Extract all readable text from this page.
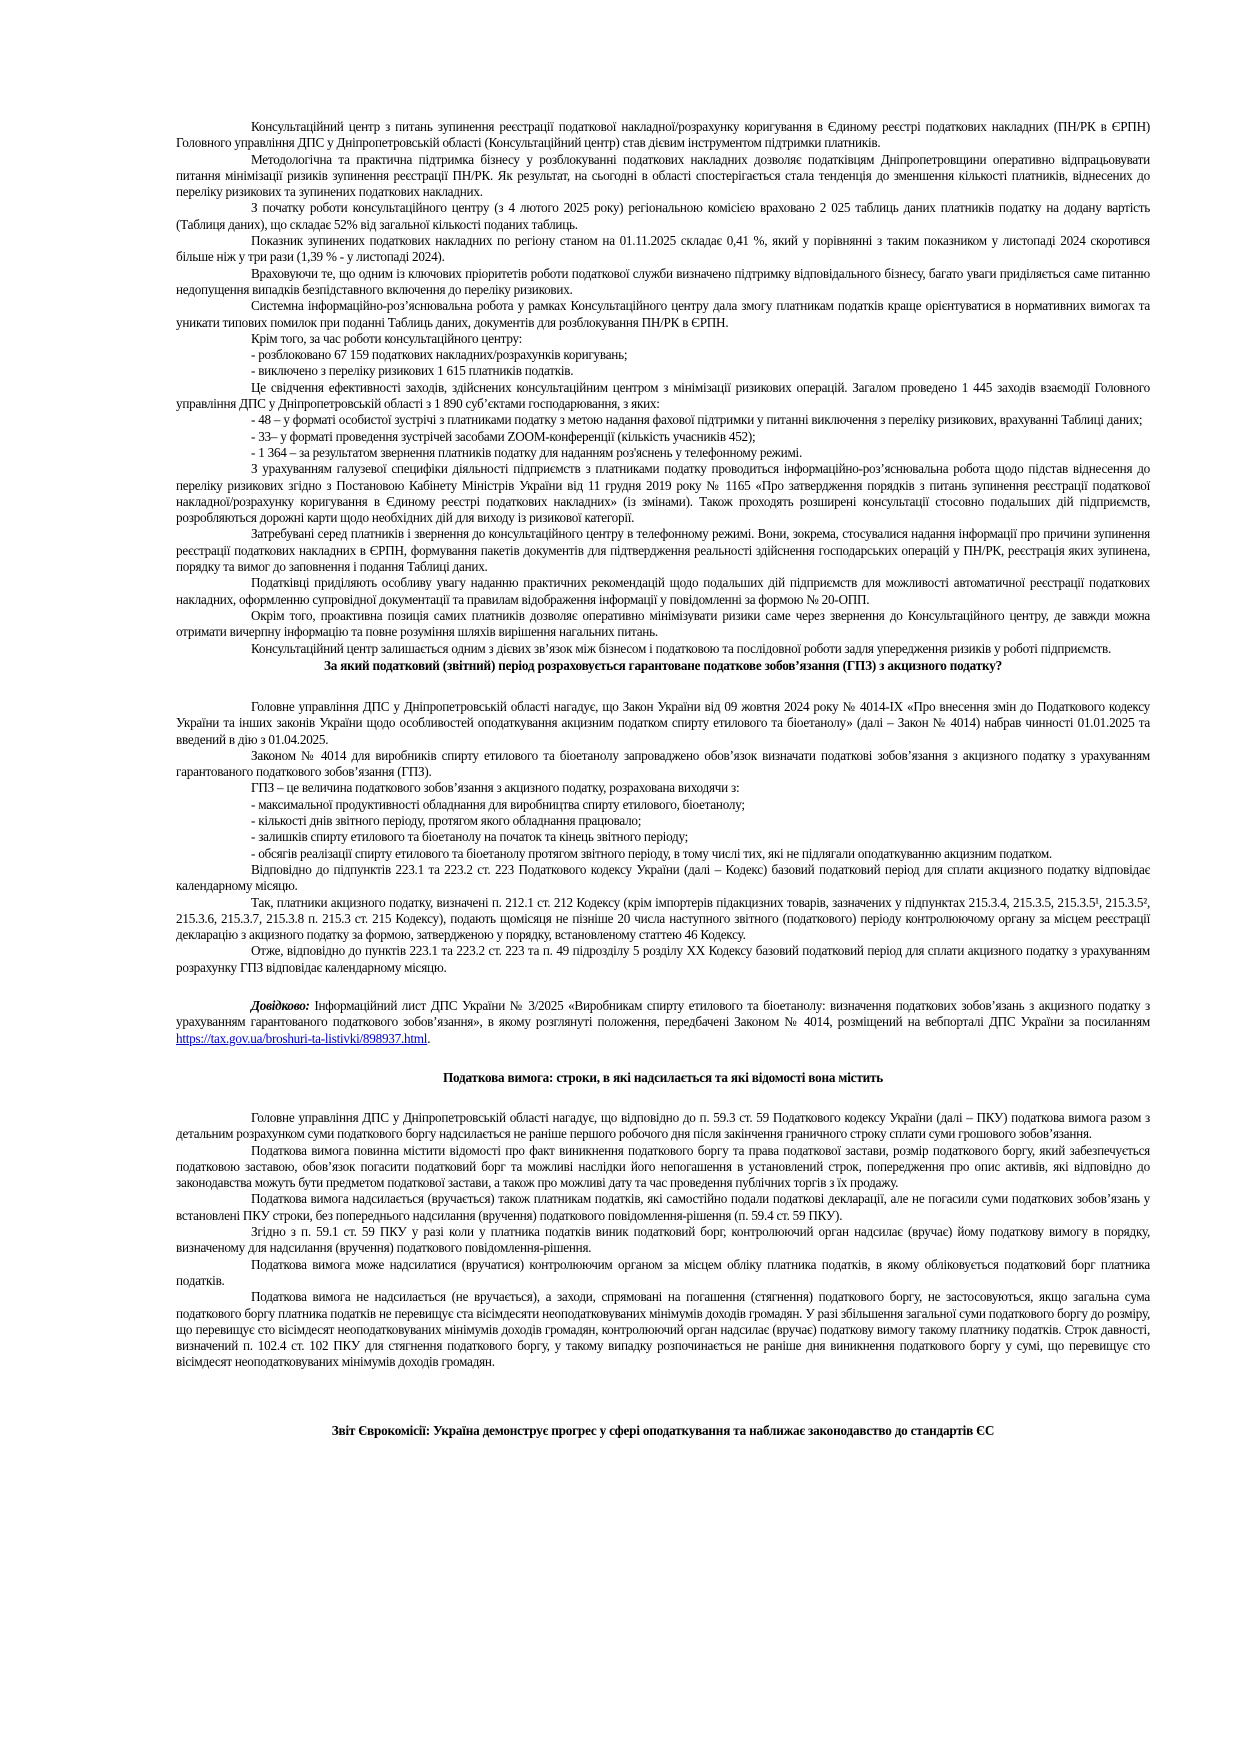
Консультаційний центр з питань зупинення реєстрації податкової накладної/розрахунку коригування в Єдиному реєстрі податкових накладних (ПН/РК в ЄРПН) Головного управління ДПС у Дніпропетровській області (Консультаційний центр) став дієвим інструментом підтримки платників.

Методологічна та практична підтримка бізнесу у розблокуванні податкових накладних дозволяє податківцям Дніпропетровщини оперативно відпрацьовувати питання мінімізації ризиків зупинення реєстрації ПН/РК. Як результат, на сьогодні в області спостерігається стала тенденція до зменшення кількості платників, віднесених до переліку ризикових та зупинених податкових накладних.

З початку роботи консультаційного центру (з 4 лютого 2025 року) регіональною комісією враховано 2 025 таблиць даних платників податку на додану вартість (Таблиця даних), що складає 52% від загальної кількості поданих таблиць.

Показник зупинених податкових накладних по регіону станом на 01.11.2025 складає 0,41 %, який у порівнянні з таким показником у листопаді 2024 скоротився більше ніж у три рази (1,39 % - у листопаді 2024).

Враховуючи те, що одним із ключових пріоритетів роботи податкової служби визначено підтримку відповідального бізнесу, багато уваги приділяється саме питанню недопущення випадків безпідставного включення до переліку ризикових.

Системна інформаційно-роз’яснювальна робота у рамках Консультаційного центру дала змогу платникам податків краще орієнтуватися в нормативних вимогах та уникати типових помилок при поданні Таблиць даних, документів для розблокування ПН/РК в ЄРПН.

Крім того, за час роботи консультаційного центру:

- розблоковано 67 159 податкових накладних/розрахунків коригувань;

- виключено з переліку ризикових 1 615 платників податків.

Це свідчення ефективності заходів, здійснених консультаційним центром з мінімізації ризикових операцій. Загалом проведено 1 445 заходів взаємодії Головного управління ДПС у Дніпропетровській області з 1 890 суб’єктами господарювання, з яких:

- 48 – у форматі особистої зустрічі з платниками податку з метою надання фахової підтримки у питанні виключення з переліку ризикових, врахуванні Таблиці даних;

- 33– у форматі проведення зустрічей засобами ZOOM-конференції (кількість учасників 452);

- 1 364 – за результатом звернення платників податку для наданням роз'яснень у телефонному режимі.

З урахуванням галузевої специфіки діяльності підприємств з платниками податку проводиться інформаційно-роз’яснювальна робота щодо підстав віднесення до переліку ризикових згідно з Постановою Кабінету Міністрів України від 11 грудня 2019 року № 1165 «Про затвердження порядків з питань зупинення реєстрації податкової накладної/розрахунку коригування в Єдиному реєстрі податкових накладних» (із змінами). Також проходять розширені консультації стосовно подальших дій підприємств, розробляються дорожні карти щодо необхідних дій для виходу із ризикової категорії.

Затребувані серед платників і звернення до консультаційного центру в телефонному режимі. Вони, зокрема, стосувалися надання інформації про причини зупинення реєстрації податкових накладних в ЄРПН, формування пакетів документів для підтвердження реальності здійснення господарських операцій у ПН/РК, реєстрація яких зупинена, порядку та вимог до заповнення і подання Таблиці даних.

Податківці приділяють особливу увагу наданню практичних рекомендацій щодо подальших дій підприємств для можливості автоматичної реєстрації податкових накладних, оформленню супровідної документації та правилам відображення інформації у повідомленні за формою № 20-ОПП.

Окрім того, проактивна позиція самих платників дозволяє оперативно мінімізувати ризики саме через звернення до Консультаційного центру, де завжди можна отримати вичерпну інформацію та повне розуміння шляхів вирішення нагальних питань.

Консультаційний центр залишається одним з дієвих зв’язок між бізнесом і податковою та послідовної роботи задля упередження ризиків у роботі підприємств.

За який податковий (звітний) період розраховується гарантоване податкове зобов’язання (ГПЗ) з акцизного податку?

Головне управління ДПС у Дніпропетровській області нагадує, що Закон України від 09 жовтня 2024 року № 4014-IX «Про внесення змін до Податкового кодексу України та інших законів України щодо особливостей оподаткування акцизним податком спирту етилового та біоетанолу» (далі – Закон № 4014) набрав чинності 01.01.2025 та введений в дію з 01.04.2025.

Законом № 4014 для виробників спирту етилового та біоетанолу запроваджено обов’язок визначати податкові зобов’язання з акцизного податку з урахуванням гарантованого податкового зобов’язання (ГПЗ).

ГПЗ – це величина податкового зобов’язання з акцизного податку, розрахована виходячи з:

- максимальної продуктивності обладнання для виробництва спирту етилового, біоетанолу;

- кількості днів звітного періоду, протягом якого обладнання працювало;

- залишків спирту етилового та біоетанолу на початок та кінець звітного періоду;

- обсягів реалізації спирту етилового та біоетанолу протягом звітного періоду, в тому числі тих, які не підлягали оподаткуванню акцизним податком.

Відповідно до підпунктів 223.1 та 223.2 ст. 223 Податкового кодексу України (далі – Кодекс) базовий податковий період для сплати акцизного податку відповідає календарному місяцю.

Так, платники акцизного податку, визначені п. 212.1 ст. 212 Кодексу (крім імпортерів підакцизних товарів, зазначених у підпунктах 215.3.4, 215.3.5, 215.3.5¹, 215.3.5², 215.3.6, 215.3.7, 215.3.8 п. 215.3 ст. 215 Кодексу), подають щомісяця не пізніше 20 числа наступного звітного (податкового) періоду контролюючому органу за місцем реєстрації декларацію з акцизного податку за формою, затвердженою у порядку, встановленому статтею 46 Кодексу.

Отже, відповідно до пунктів 223.1 та 223.2 ст. 223 та п. 49 підрозділу 5 розділу XX Кодексу базовий податковий період для сплати акцизного податку з урахуванням розрахунку ГПЗ відповідає календарному місяцю.

Довідково: Інформаційний лист ДПС України № 3/2025 «Виробникам спирту етилового та біоетанолу: визначення податкових зобов’язань з акцизного податку з урахуванням гарантованого податкового зобов’язання», в якому розглянуті положення, передбачені Законом № 4014, розміщений на вебпорталі ДПС України за посиланням https://tax.gov.ua/broshuri-ta-listivki/898937.html.

Податкова вимога: строки, в які надсилається та які відомості вона містить

Головне управління ДПС у Дніпропетровській області нагадує, що відповідно до п. 59.3 ст. 59 Податкового кодексу України (далі – ПКУ) податкова вимога разом з детальним розрахунком суми податкового боргу надсилається не раніше першого робочого дня після закінчення граничного строку сплати суми грошового зобов’язання.

Податкова вимога повинна містити відомості про факт виникнення податкового боргу та права податкової застави, розмір податкового боргу, який забезпечується податковою заставою, обов’язок погасити податковий борг та можливі наслідки його непогашення в установлений строк, попередження про опис активів, які відповідно до законодавства можуть бути предметом податкової застави, а також про можливі дату та час проведення публічних торгів з їх продажу.

Податкова вимога надсилається (вручається) також платникам податків, які самостійно подали податкові декларації, але не погасили суми податкових зобов’язань у встановлені ПКУ строки, без попереднього надсилання (вручення) податкового повідомлення-рішення (п. 59.4 ст. 59 ПКУ).

Згідно з п. 59.1 ст. 59 ПКУ у разі коли у платника податків виник податковий борг, контролюючий орган надсилає (вручає) йому податкову вимогу в порядку, визначеному для надсилання (вручення) податкового повідомлення-рішення.

Податкова вимога може надсилатися (вручатися) контролюючим органом за місцем обліку платника податків, в якому обліковується податковий борг платника податків.

Податкова вимога не надсилається (не вручається), а заходи, спрямовані на погашення (стягнення) податкового боргу, не застосовуються, якщо загальна сума податкового боргу платника податків не перевищує ста вісімдесяти неоподатковуваних мінімумів доходів громадян. У разі збільшення загальної суми податкового боргу до розміру, що перевищує сто вісімдесят неоподатковуваних мінімумів доходів громадян, контролюючий орган надсилає (вручає) податкову вимогу такому платнику податків. Строк давності, визначений п. 102.4 ст. 102 ПКУ для стягнення податкового боргу, у такому випадку розпочинається не раніше дня виникнення податкового боргу у сумі, що перевищує сто вісімдесят неоподатковуваних мінімумів доходів громадян.

Звіт Єврокомісії: Україна демонструє прогрес у сфері оподаткування та наближає законодавство до стандартів ЄС
